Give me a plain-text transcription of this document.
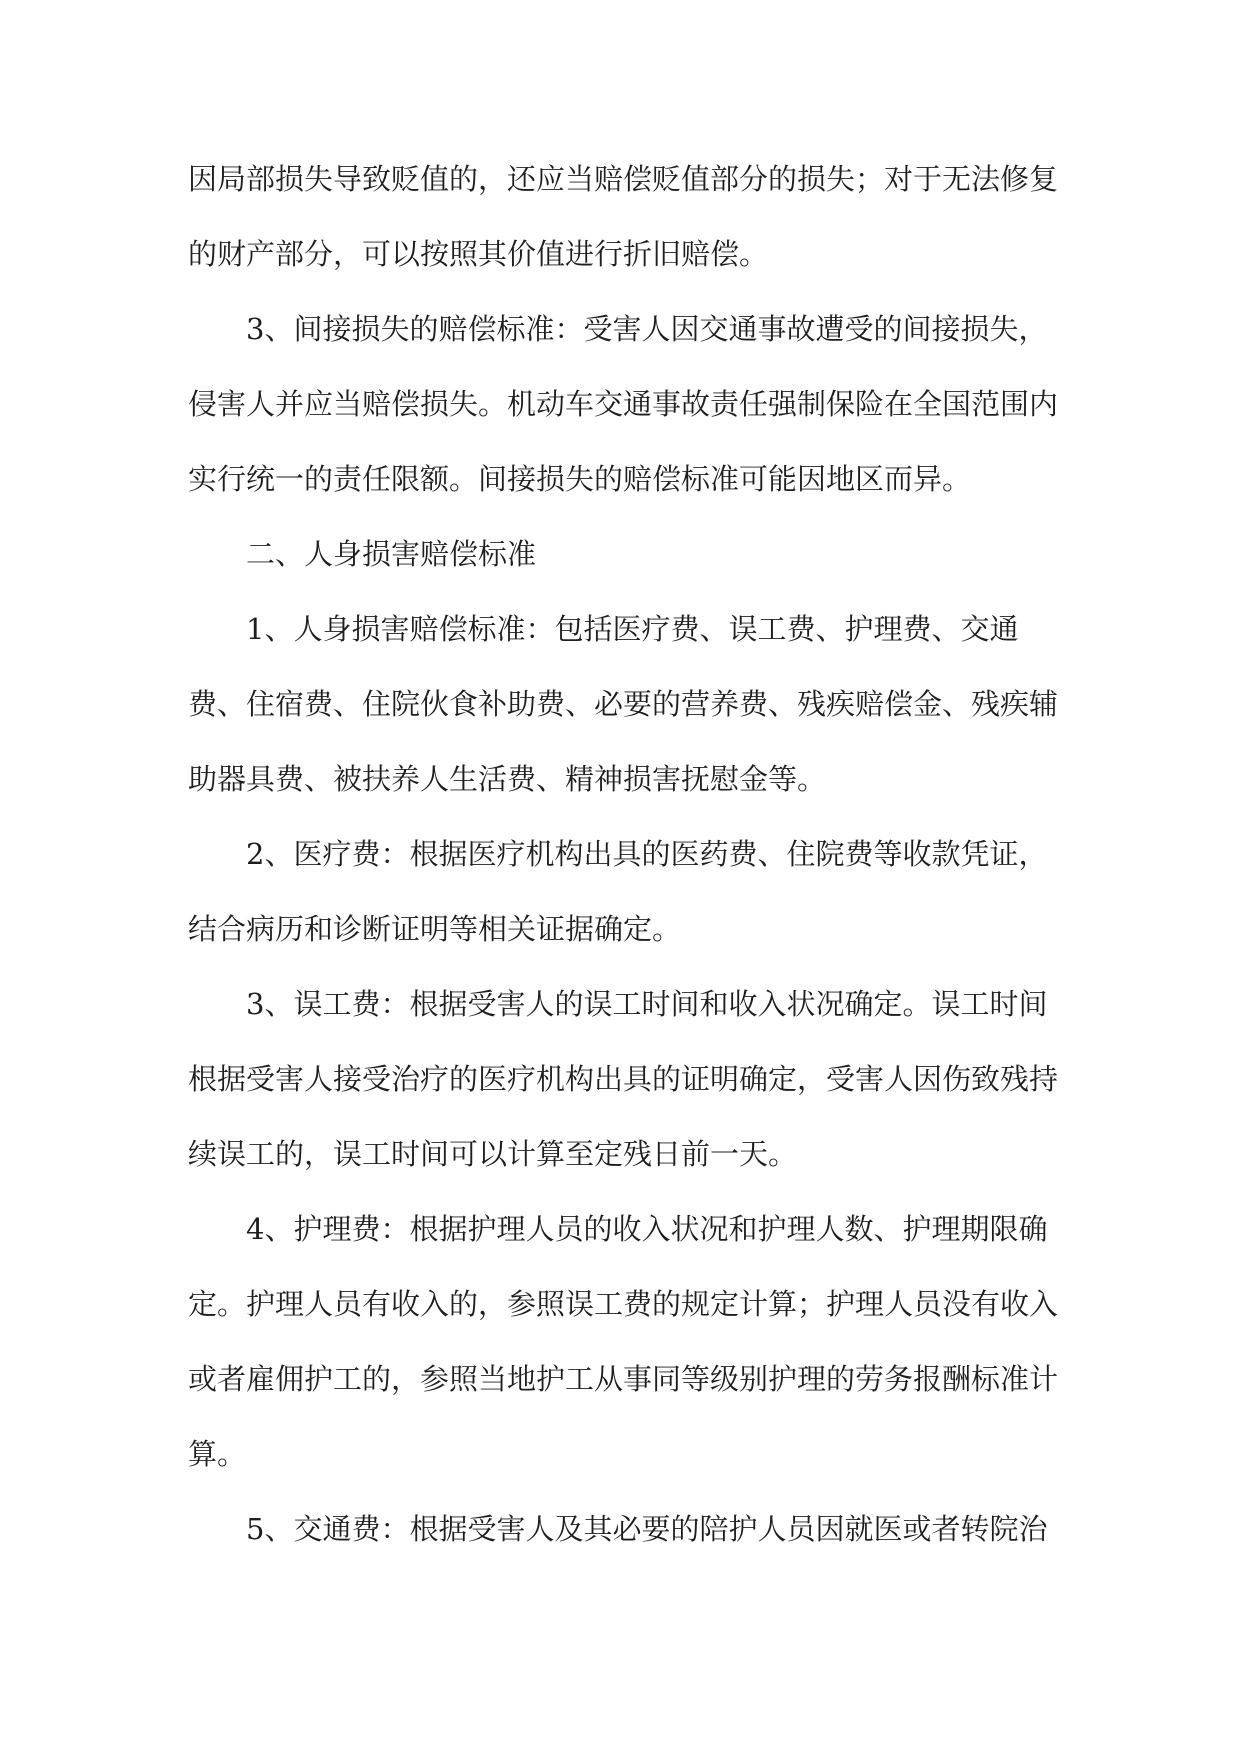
因局部损失导致贬值的，还应当赔偿贬值部分的损失；对于无法修复的财产部分，可以按照其价值进行折旧赔偿。

3、间接损失的赔偿标准：受害人因交通事故遭受的间接损失，侵害人并应当赔偿损失。机动车交通事故责任强制保险在全国范围内实行统一的责任限额。间接损失的赔偿标准可能因地区而异。

二、人身损害赔偿标准

1、人身损害赔偿标准：包括医疗费、误工费、护理费、交通费、住宿费、住院伙食补助费、必要的营养费、残疾赔偿金、残疾辅助器具费、被扶养人生活费、精神损害抚慰金等。

2、医疗费：根据医疗机构出具的医药费、住院费等收款凭证，结合病历和诊断证明等相关证据确定。

3、误工费：根据受害人的误工时间和收入状况确定。误工时间根据受害人接受治疗的医疗机构出具的证明确定，受害人因伤致残持续误工的，误工时间可以计算至定残日前一天。

4、护理费：根据护理人员的收入状况和护理人数、护理期限确定。护理人员有收入的，参照误工费的规定计算；护理人员没有收入或者雇佣护工的，参照当地护工从事同等级别护理的劳务报酬标准计算。

5、交通费：根据受害人及其必要的陪护人员因就医或者转院治
